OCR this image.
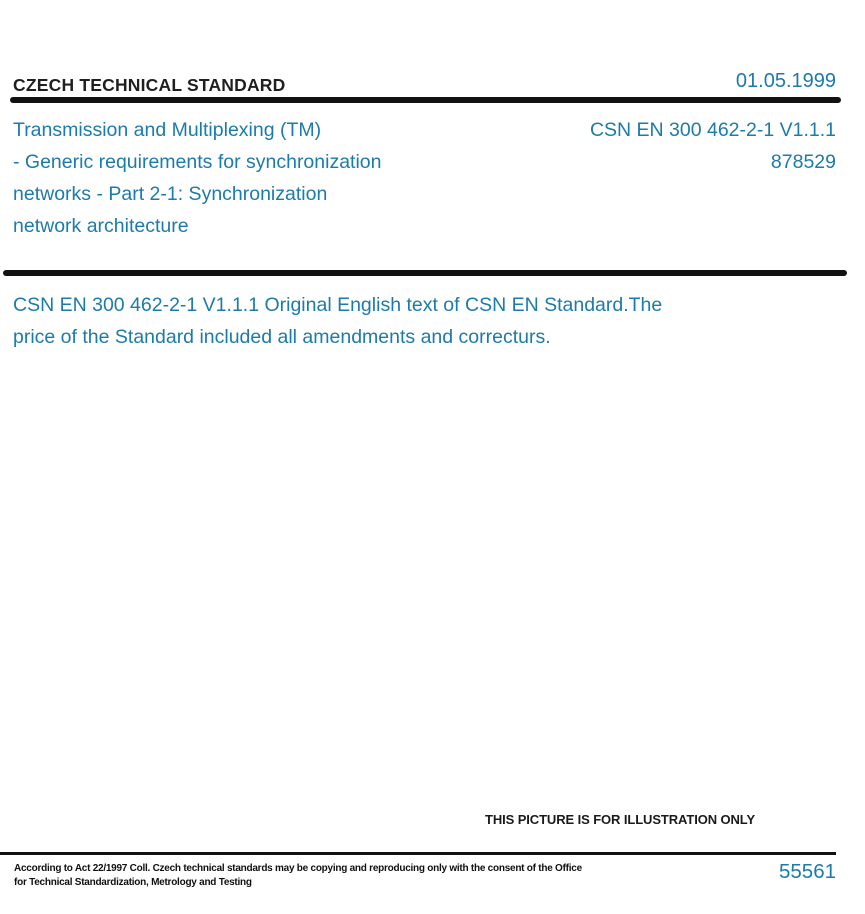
CZECH TECHNICAL STANDARD	01.05.1999
Transmission and Multiplexing (TM)
- Generic requirements for synchronization
networks - Part 2-1: Synchronization
network architecture
CSN EN 300 462-2-1 V1.1.1
878529
CSN EN 300 462-2-1 V1.1.1 Original English text of CSN EN Standard.The
price of the Standard included all amendments and correcturs.
THIS PICTURE IS FOR ILLUSTRATION ONLY
According to Act 22/1997 Coll. Czech technical standards may be copying and reproducing only with the consent of the Office
for Technical Standardization, Metrology and Testing	55561
